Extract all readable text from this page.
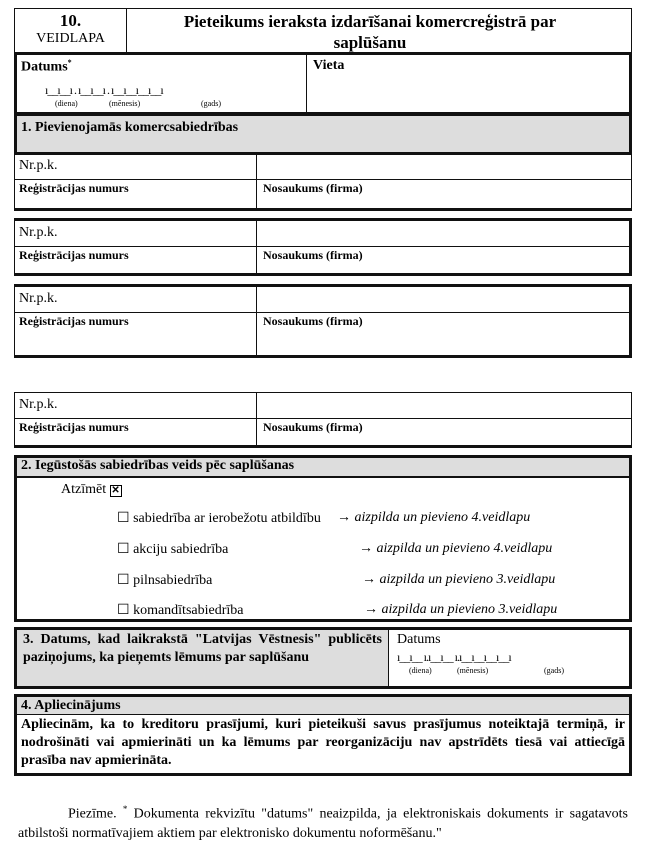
10.
VEIDLAPA
Pieteikums ieraksta izdarīšanai komercreģistrā par saplūšanu
Datums*
ı__ı__ı . ı__ı__ı . ı__ı__ı__ı__ı
(diena)	(mēnesis)	(gads)
Vieta
1. Pievienojamās komercsabiedrības
Nr.p.k.
Reģistrācijas numurs	Nosaukums (firma)
Nr.p.k.
Reģistrācijas numurs	Nosaukums (firma)
Nr.p.k.
Reģistrācijas numurs	Nosaukums (firma)
Nr.p.k.
Reģistrācijas numurs	Nosaukums (firma)
2. Iegūstošās sabiedrības veids pēc saplūšanas
Atzīmēt ✕
☐ sabiedrība ar ierobežotu atbildību → aizpilda un pievieno 4.veidlapu
☐ akciju sabiedrība	→ aizpilda un pievieno 4.veidlapu
☐ pilnsabiedrība	→ aizpilda un pievieno 3.veidlapu
☐ komandītsabiedrība	→ aizpilda un pievieno 3.veidlapu
3. Datums, kad laikrakstā "Latvijas Vēstnesis" publicēts paziņojums, ka pieņemts lēmums par saplūšanu
Datums
ı__ı__ ı.ı__ı__ ı.ı__ı__ı__ı__ı
(diena)	(mēnesis)	(gads)
4. Apliecinājums
Apliecinām, ka to kreditoru prasījumi, kuri pieteikuši savus prasījumus noteiktajā termiņā, ir nodrošināti vai apmierināti un ka lēmums par reorganizāciju nav apstrīdēts tiesā vai attiecīgā prasība nav apmierināta.
Piezīme. * Dokumenta rekvizītu "datums" neaizpilda, ja elektroniskais dokuments ir sagatavots atbilstoši normatīvajiem aktiem par elektronisko dokumentu noformēšanu."
